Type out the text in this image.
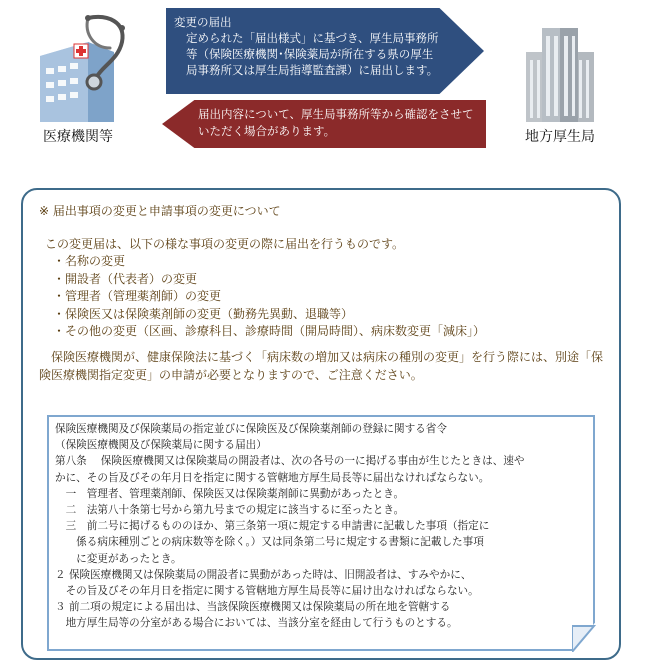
医療機関等
変更の届出
定められた「届出様式」に基づき、厚生局事務所等（保険医療機関･保険薬局が所在する県の厚生局事務所又は厚生局指導監査課）に届出します。
届出内容について、厚生局事務所等から確認をさせていただく場合があります。	地方厚生局
※ 届出事項の変更と申請事項の変更について
この変更届は、以下の様な事項の変更の際に届出を行うものです。
・名称の変更
・開設者（代表者）の変更
・管理者（管理薬剤師）の変更
・保険医又は保険薬剤師の変更（勤務先異動、退職等）
・その他の変更（区画、診療科目、診療時間（開局時間）、病床数変更「減床」）
保険医療機関が、健康保険法に基づく「病床数の増加又は病床の種別の変更」を行う際には、別途「保険医療機関指定変更」の申請が必要となりますので、ご注意ください。
保険医療機関及び保険薬局の指定並びに保険医及び保険薬剤師の登録に関する省令
（保険医療機関及び保険薬局に関する届出）
第八条　 保険医療機関又は保険薬局の開設者は、次の各号の一に掲げる事由が生じたときは、速や
かに、その旨及びその年月日を指定に関する管轄地方厚生局長等に届出なければならない。
　一　管理者、管理薬剤師、保険医又は保険薬剤師に異動があったとき。
　二　法第八十条第七号から第九号までの規定に該当するに至ったとき。
　三　前二号に掲げるもののほか、第三条第一項に規定する申請書に記載した事項（指定に
　　係る病床種別ごとの病床数等を除く。）又は同条第二号に規定する書類に記載した事項
　　に変更があったとき。
２ 保険医療機関又は保険薬局の開設者に異動があった時は、旧開設者は、すみやかに、
　その旨及びその年月日を指定に関する管轄地方厚生局長等に届け出なければならない。
３ 前二項の規定による届出は、当該保険医療機関又は保険薬局の所在地を管轄する
　地方厚生局等の分室がある場合においては、当該分室を経由して行うものとする。
